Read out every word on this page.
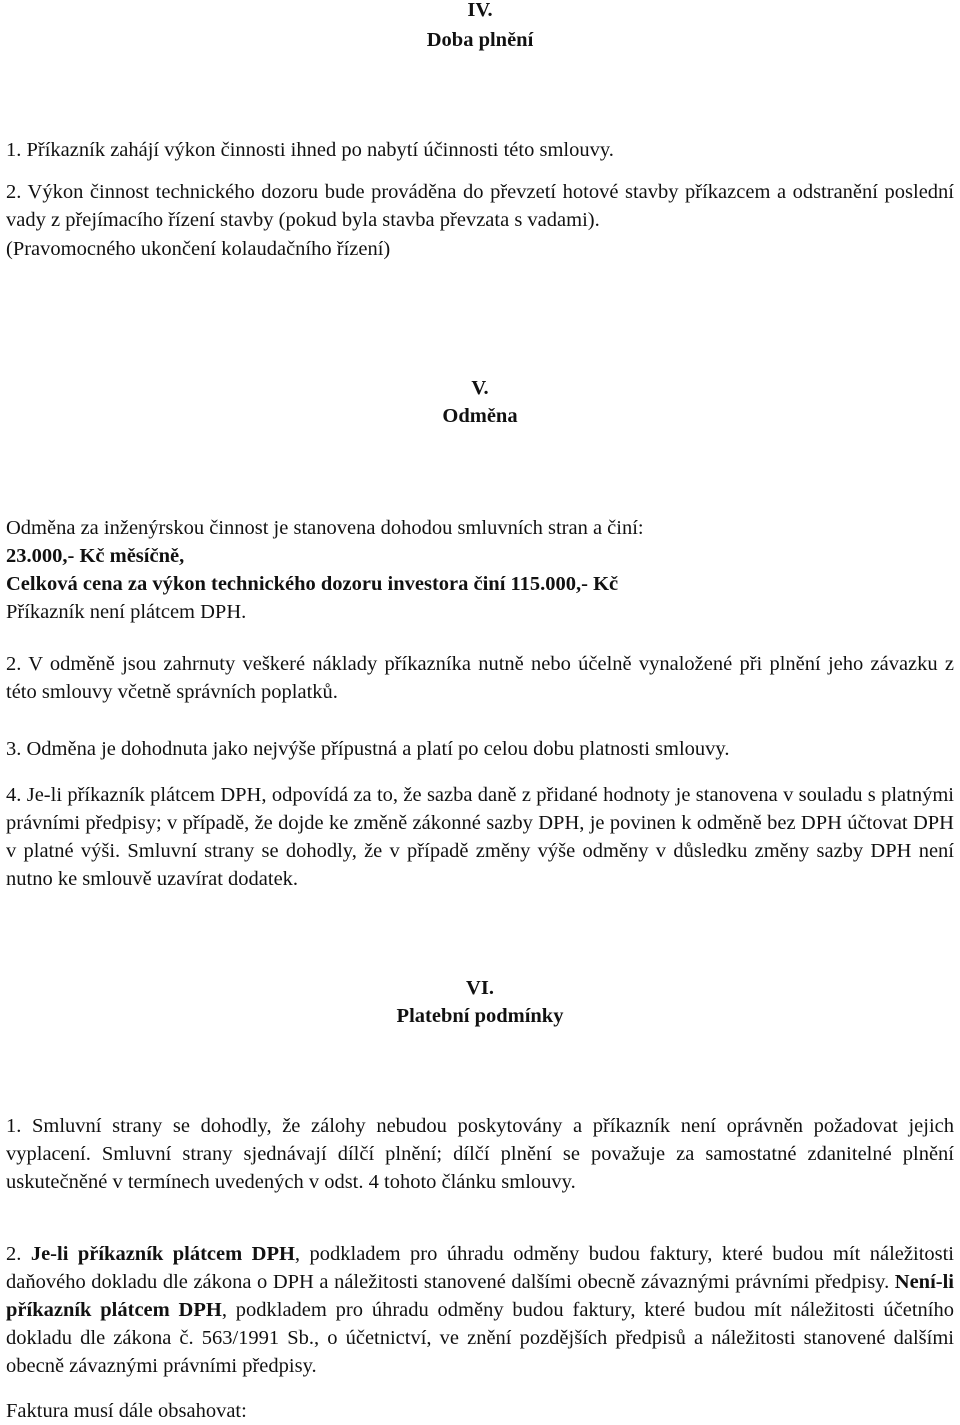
IV.
Doba plnění
1. Příkazník zahájí výkon činnosti ihned po nabytí účinnosti této smlouvy.
2. Výkon činnost technického dozoru bude prováděna do převzetí hotové stavby příkazcem a odstranění poslední vady z přejímacího řízení stavby (pokud byla stavba převzata s vadami).
(Pravomocného ukončení kolaudačního řízení)
V.
Odměna
Odměna za inženýrskou činnost je stanovena dohodou smluvních stran a činí:
23.000,- Kč měsíčně,
Celková cena za výkon technického dozoru investora činí 115.000,- Kč
Příkazník není plátcem DPH.
2. V odměně jsou zahrnuty veškeré náklady příkazníka nutně nebo účelně vynaložené při plnění jeho závazku z této smlouvy včetně správních poplatků.
3. Odměna je dohodnuta jako nejvýše přípustná a platí po celou dobu platnosti smlouvy.
4. Je-li příkazník plátcem DPH, odpovídá za to, že sazba daně z přidané hodnoty je stanovena v souladu s platnými právními předpisy; v případě, že dojde ke změně zákonné sazby DPH, je povinen k odměně bez DPH účtovat DPH v platné výši. Smluvní strany se dohodly, že v případě změny výše odměny v důsledku změny sazby DPH není nutno ke smlouvě uzavírat dodatek.
VI.
Platební podmínky
1. Smluvní strany se dohodly, že zálohy nebudou poskytovány a příkazník není oprávněn požadovat jejich vyplacení. Smluvní strany sjednávají dílčí plnění; dílčí plnění se považuje za samostatné zdanitelné plnění uskutečněné v termínech uvedených v odst. 4 tohoto článku smlouvy.
2. Je-li příkazník plátcem DPH, podkladem pro úhradu odměny budou faktury, které budou mít náležitosti daňového dokladu dle zákona o DPH a náležitosti stanovené dalšími obecně závaznými právními předpisy. Není-li příkazník plátcem DPH, podkladem pro úhradu odměny budou faktury, které budou mít náležitosti účetního dokladu dle zákona č. 563/1991 Sb., o účetnictví, ve znění pozdějších předpisů a náležitosti stanovené dalšími obecně závaznými právními předpisy.
Faktura musí dále obsahovat:
